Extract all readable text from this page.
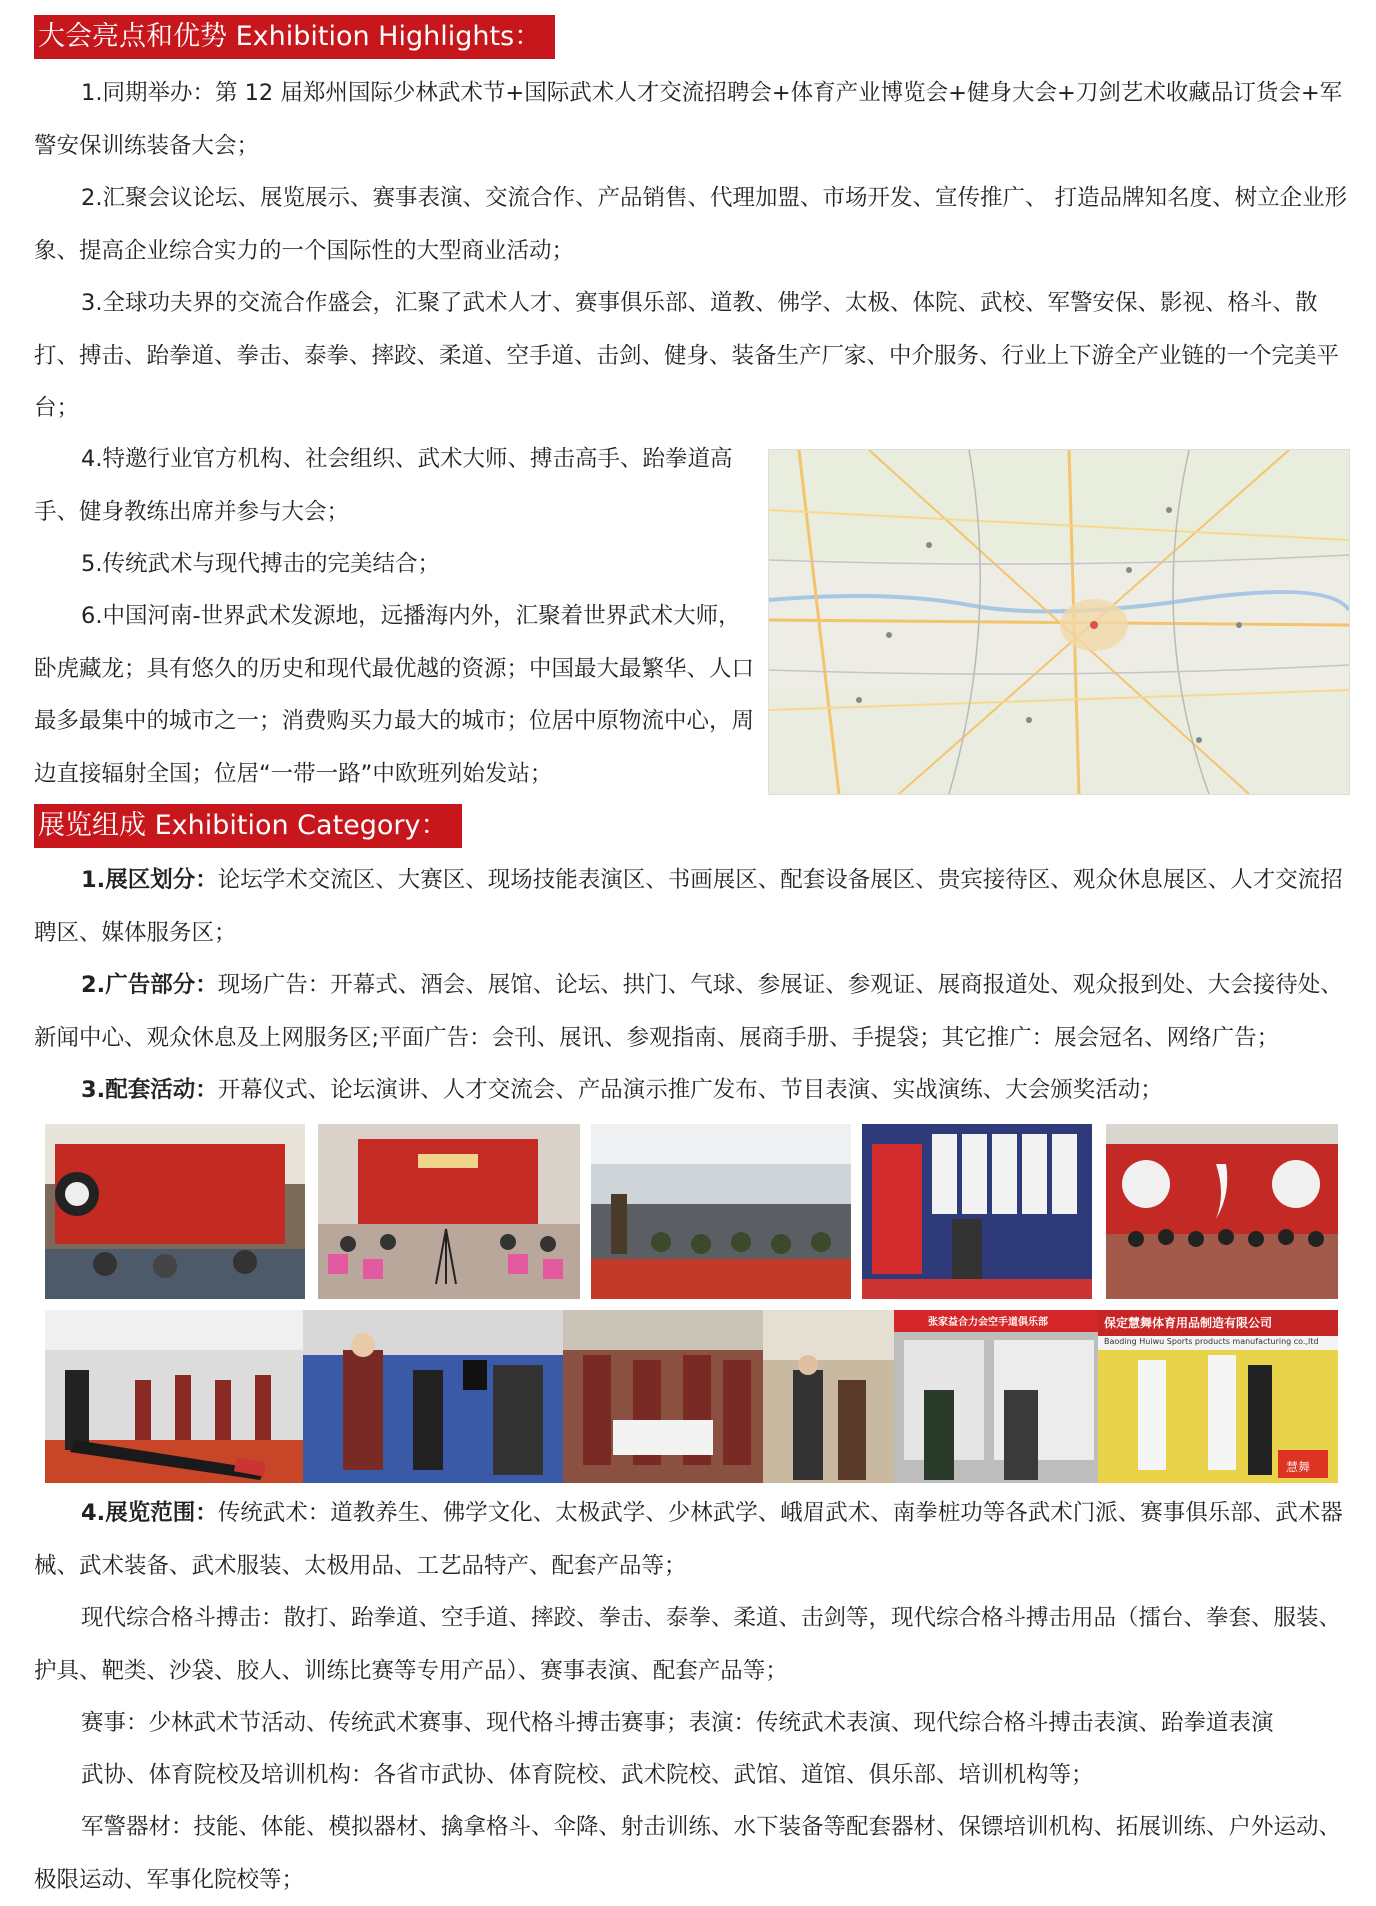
大会亮点和优势 Exhibition Highlights：

1.同期举办：第 12 届郑州国际少林武术节+国际武术人才交流招聘会+体育产业博览会+健身大会+刀剑艺术收藏品订货会+军警安保训练装备大会；

2.汇聚会议论坛、展览展示、赛事表演、交流合作、产品销售、代理加盟、市场开发、宣传推广、 打造品牌知名度、树立企业形象、提高企业综合实力的一个国际性的大型商业活动；

3.全球功夫界的交流合作盛会，汇聚了武术人才、赛事俱乐部、道教、佛学、太极、体院、武校、军警安保、影视、格斗、散打、搏击、跆拳道、拳击、泰拳、摔跤、柔道、空手道、击剑、健身、装备生产厂家、中介服务、行业上下游全产业链的一个完美平台；

4.特邀行业官方机构、社会组织、武术大师、搏击高手、跆拳道高手、健身教练出席并参与大会；

5.传统武术与现代搏击的完美结合；

6.中国河南-世界武术发源地，远播海内外，汇聚着世界武术大师，卧虎藏龙；具有悠久的历史和现代最优越的资源；中国最大最繁华、人口最多最集中的城市之一；消费购买力最大的城市；位居中原物流中心，周边直接辐射全国；位居“一带一路”中欧班列始发站；

展览组成 Exhibition Category：

1.展区划分：论坛学术交流区、大赛区、现场技能表演区、书画展区、配套设备展区、贵宾接待区、观众休息展区、人才交流招聘区、媒体服务区；

2.广告部分：现场广告：开幕式、酒会、展馆、论坛、拱门、气球、参展证、参观证、展商报道处、观众报到处、大会接待处、新闻中心、观众休息及上网服务区;平面广告：会刊、展讯、参观指南、展商手册、手提袋；其它推广：展会冠名、网络广告；

3.配套活动：开幕仪式、论坛演讲、人才交流会、产品演示推广发布、节目表演、实战演练、大会颁奖活动；

张家益合力会空手道俱乐部	保定慧舞体育用品制造有限公司
Baoding Huiwu Sports products manufacturing co.,ltd
慧舞

4.展览范围：传统武术：道教养生、佛学文化、太极武学、少林武学、峨眉武术、南拳桩功等各武术门派、赛事俱乐部、武术器械、武术装备、武术服装、太极用品、工艺品特产、配套产品等；

现代综合格斗搏击：散打、跆拳道、空手道、摔跤、拳击、泰拳、柔道、击剑等，现代综合格斗搏击用品（擂台、拳套、服装、护具、靶类、沙袋、胶人、训练比赛等专用产品）、赛事表演、配套产品等；

赛事：少林武术节活动、传统武术赛事、现代格斗搏击赛事；表演：传统武术表演、现代综合格斗搏击表演、跆拳道表演

武协、体育院校及培训机构：各省市武协、体育院校、武术院校、武馆、道馆、俱乐部、培训机构等；

军警器材：技能、体能、模拟器材、擒拿格斗、伞降、射击训练、水下装备等配套器材、保镖培训机构、拓展训练、户外运动、极限运动、军事化院校等；
